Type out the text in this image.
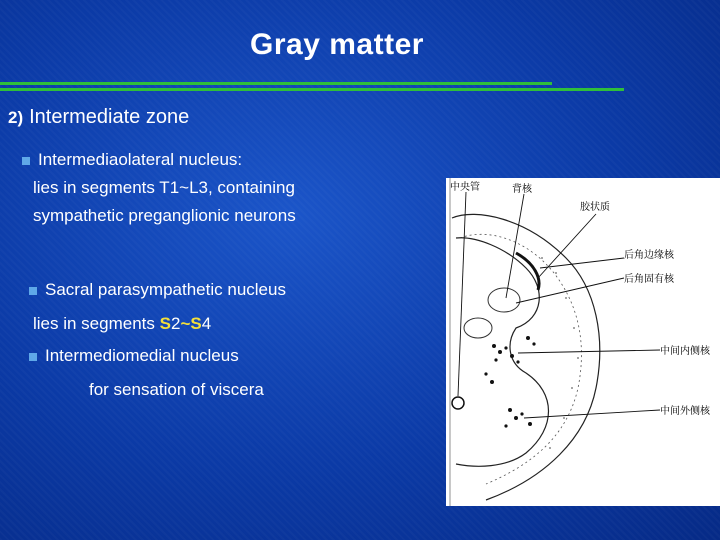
Gray matter
2) Intermediate zone
Intermediaolateral nucleus:
lies in segments T1~L3, containing
sympathetic preganglionic neurons
Sacral parasympathetic nucleus
lies in segments S2~S4
Intermediomedial nucleus
for sensation of viscera
中央管	背核
胶状质
后角边缘核
后角固有核
中间内侧核
中间外侧核
